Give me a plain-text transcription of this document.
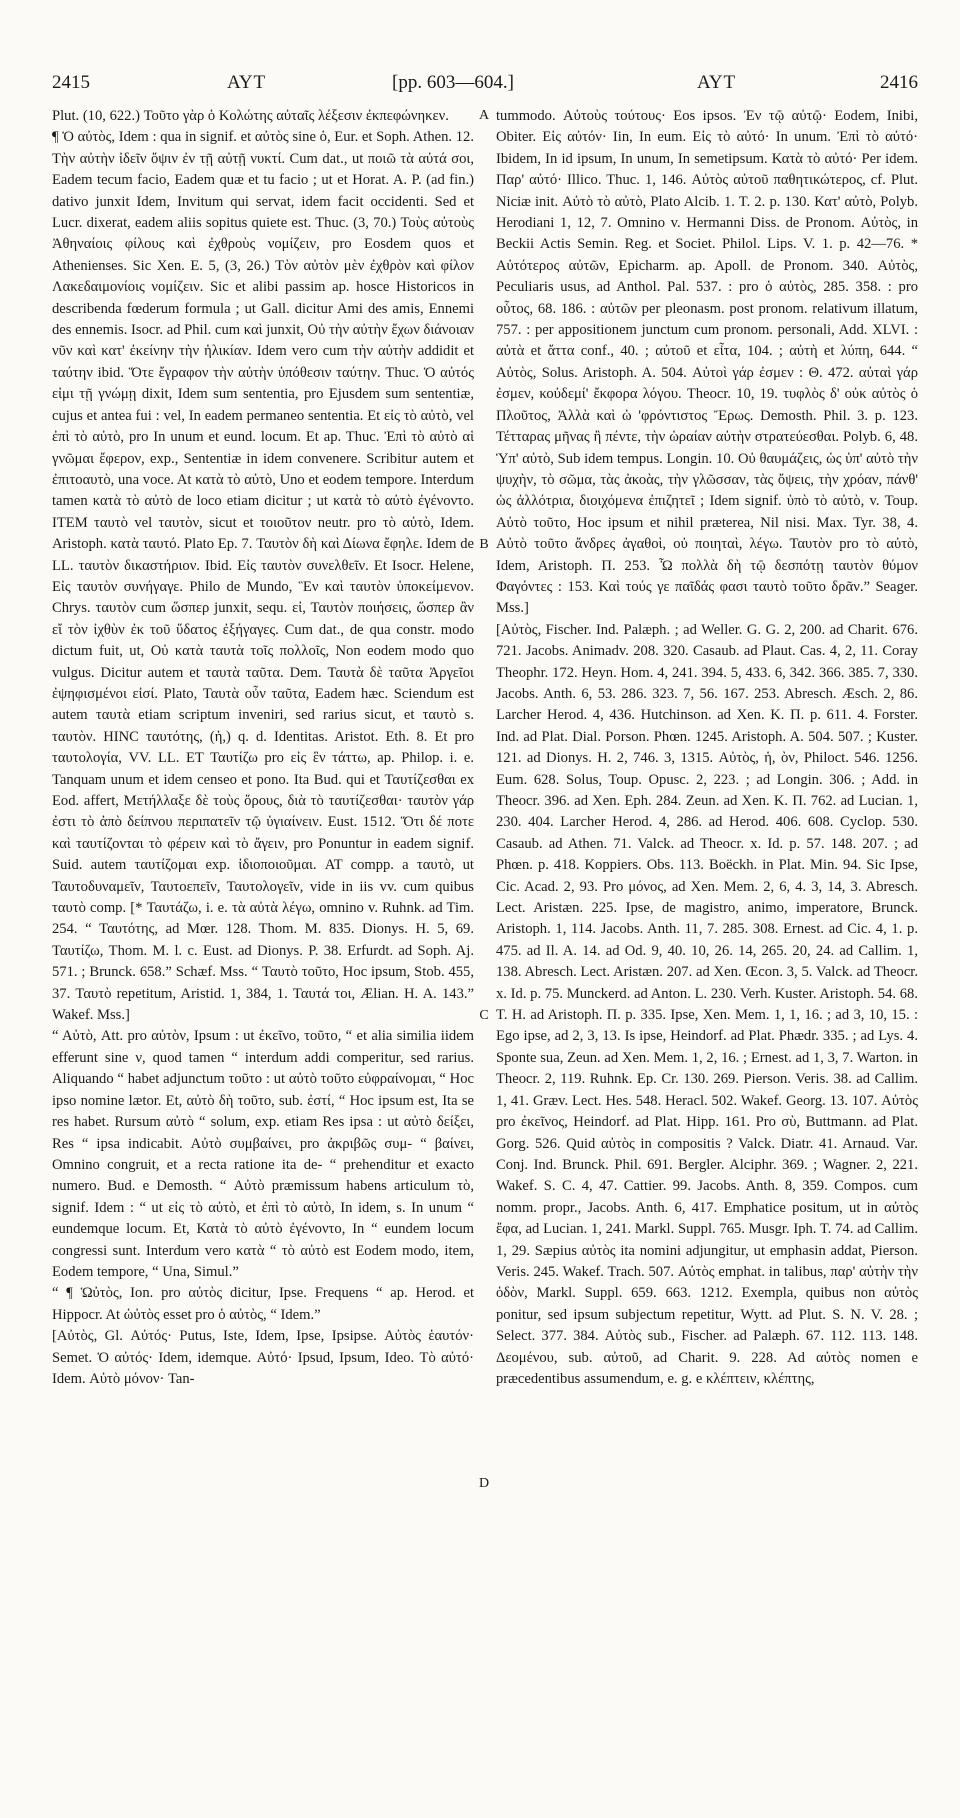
2415	ΑΥΤ	[pp. 603—604.]	ΑΥΤ	2416

Plut. (10, 622.) Τοῦτο γὰρ ὁ Κολώτης αὐταῖς λέξεσιν ἐκπεφώνηκεν.

¶ Ὁ αὐτὸς, Idem : qua in signif. et αὐτὸς sine ὁ, Eur. et Soph. Athen. 12. Τὴν αὐτὴν ἰδεῖν ὄψιν ἐν τῇ αὐτῇ νυκτί. Cum dat., ut ποιῶ τὰ αὐτά σοι, Eadem tecum facio, Eadem quæ et tu facio ; ut et Horat. A. P. (ad fin.) dativo junxit Idem, Invitum qui servat, idem facit occidenti. Sed et Lucr. dixerat, eadem aliis sopitus quiete est. Thuc. (3, 70.) Τοὺς αὐτοὺς Ἀθηναίοις φίλους καὶ ἐχθροὺς νομίζειν, pro Eosdem quos et Athenienses. Sic Xen. E. 5, (3, 26.) Τὸν αὐτὸν μὲν ἐχθρὸν καὶ φίλον Λακεδαιμονίοις νομίζειν. Sic et alibi passim ap. hosce Historicos in describenda fœderum formula ; ut Gall. dicitur Ami des amis, Ennemi des ennemis. Isocr. ad Phil. cum καὶ junxit, Οὐ τὴν αὐτὴν ἔχων διάνοιαν νῦν καὶ κατ' ἐκείνην τὴν ἡλικίαν. Idem vero cum τὴν αὐτὴν addidit et ταύτην ibid. Ὅτε ἔγραφον τὴν αὐτὴν ὑπόθεσιν ταύτην. Thuc. Ὁ αὐτός εἰμι τῇ γνώμῃ dixit, Idem sum sententia, pro Ejusdem sum sententiæ, cujus et antea fui : vel, In eadem permaneo sententia. Et εἰς τὸ αὐτὸ, vel ἐπὶ τὸ αὐτὸ, pro In unum et eund. locum. Et ap. Thuc. Ἐπὶ τὸ αὐτὸ αἱ γνῶμαι ἔφερον, exp., Sententiæ in idem convenere. Scribitur autem et ἐπιτοαυτὸ, una voce. At κατὰ τὸ αὐτὸ, Uno et eodem tempore. Interdum tamen κατὰ τὸ αὐτὸ de loco etiam dicitur ; ut κατὰ τὸ αὐτὸ ἐγένοντο. ITEM ταυτὸ vel ταυτὸν, sicut et τοιοῦτον neutr. pro τὸ αὐτὸ, Idem. Aristoph. κατὰ ταυτό. Plato Ep. 7. Ταυτὸν δὴ καὶ Δίωνα ἔφηλε. Idem de LL. ταυτὸν δικαστήριον. Ibid. Εἰς ταυτὸν συνελθεῖν. Et Isocr. Helene, Εἰς ταυτὸν συνήγαγε. Philo de Mundo, Ἓν καὶ ταυτὸν ὑποκείμενον. Chrys. ταυτὸν cum ὥσπερ junxit, sequ. εἰ, Ταυτὸν ποιήσεις, ὥσπερ ἂν εἴ τὸν ἰχθὺν ἐκ τοῦ ὕδατος ἐξήγαγες. Cum dat., de qua constr. modo dictum fuit, ut, Οὐ κατὰ ταυτὰ τοῖς πολλοῖς, Non eodem modo quo vulgus. Dicitur autem et ταυτὰ ταῦτα. Dem. Ταυτὰ δὲ ταῦτα Ἀργεῖοι ἐψηφισμένοι εἰσί. Plato, Ταυτὰ οὖν ταῦτα, Eadem hæc. Sciendum est autem ταυτὰ etiam scriptum inveniri, sed rarius sicut, et ταυτὸ s. ταυτὸν. HINC ταυτότης, (ἡ,) q. d. Identitas. Aristot. Eth. 8. Et pro ταυτολογία, VV. LL. ET Ταυτίζω pro εἰς ἓν τάττω, ap. Philop. i. e. Tanquam unum et idem censeo et pono. Ita Bud. qui et Ταυτίζεσθαι ex Eod. affert, Μετήλλαξε δὲ τοὺς ὅρους, διὰ τὸ ταυτίζεσθαι· ταυτὸν γάρ ἐστι τὸ ἀπὸ δείπνου περιπατεῖν τῷ ὑγιαίνειν. Eust. 1512. Ὅτι δέ ποτε καὶ ταυτίζονται τὸ φέρειν καὶ τὸ ἄγειν, pro Ponuntur in eadem signif. Suid. autem ταυτίζομαι exp. ἰδιοποιοῦμαι. AT compp. a ταυτὸ, ut Ταυτοδυναμεῖν, Ταυτοεπεῖν, Ταυτολογεῖν, vide in iis vv. cum quibus ταυτὸ comp. [* Ταυτάζω, i. e. τὰ αὐτὰ λέγω, omnino v. Ruhnk. ad Tim. 254. “ Ταυτότης, ad Mœr. 128. Thom. M. 835. Dionys. H. 5, 69. Ταυτίζω, Thom. M. l. c. Eust. ad Dionys. P. 38. Erfurdt. ad Soph. Aj. 571. ; Brunck. 658.” Schæf. Mss. “ Ταυτὸ τοῦτο, Hoc ipsum, Stob. 455, 37. Ταυτὸ repetitum, Aristid. 1, 384, 1. Ταυτά τοι, Ælian. H. A. 143.” Wakef. Mss.]

“ Αὐτὸ, Att. pro αὐτὸν, Ipsum : ut ἐκεῖνο, τοῦτο, “ et alia similia iidem efferunt sine ν, quod tamen “ interdum addi comperitur, sed rarius. Aliquando “ habet adjunctum τοῦτο : ut αὐτὸ τοῦτο εὐφραίνομαι, “ Hoc ipso nomine lætor. Et, αὐτὸ δὴ τοῦτο, sub. ἐστί, “ Hoc ipsum est, Ita se res habet. Rursum αὐτὸ “ solum, exp. etiam Res ipsa : ut αὐτὸ δείξει, Res “ ipsa indicabit. Αὐτὸ συμβαίνει, pro ἀκριβῶς συμ- “ βαίνει, Omnino congruit, et a recta ratione ita de- “ prehenditur et exacto numero. Bud. e Demosth. “ Αὐτὸ præmissum habens articulum τὸ, signif. Idem : “ ut εἰς τὸ αὐτὸ, et ἐπὶ τὸ αὐτὸ, In idem, s. In unum “ eundemque locum. Et, Κατὰ τὸ αὐτὸ ἐγένοντο, In “ eundem locum congressi sunt. Interdum vero κατὰ “ τὸ αὐτὸ est Eodem modo, item, Eodem tempore, “ Una, Simul.”

“ ¶ Ὡὐτὸς, Ion. pro αὐτὸς dicitur, Ipse. Frequens “ ap. Herod. et Hippocr. At ὡὐτὸς esset pro ὁ αὐτὸς, “ Idem.”

[Αὐτὸς, Gl. Αὐτός· Putus, Iste, Idem, Ipse, Ipsipse. Αὐτὸς ἑαυτόν· Semet. Ὁ αὐτός· Idem, idemque. Αὐτό· Ipsud, Ipsum, Ideo. Τὸ αὐτό· Idem. Αὐτὸ μόνον· Tan-

A
B
C
D

tummodo. Αὐτοὺς τούτους· Eos ipsos. Ἐν τῷ αὐτῷ· Eodem, Inibi, Obiter. Εἰς αὐτόν· Iin, In eum. Εἰς τὸ αὐτό· In unum. Ἐπὶ τὸ αὐτό· Ibidem, In id ipsum, In unum, In semetipsum. Κατὰ τὸ αὐτό· Per idem. Παρ' αὐτό· Illico. Thuc. 1, 146. Αὐτὸς αὐτοῦ παθητικώτερος, cf. Plut. Niciæ init. Αὐτὸ τὸ αὐτὸ, Plato Alcib. 1. T. 2. p. 130. Κατ' αὐτὸ, Polyb. Herodiani 1, 12, 7. Omnino v. Hermanni Diss. de Pronom. Αὐτὸς, in Beckii Actis Semin. Reg. et Societ. Philol. Lips. V. 1. p. 42—76. * Αὐτότερος αὐτῶν, Epicharm. ap. Apoll. de Pronom. 340. Αὐτὸς, Peculiaris usus, ad Anthol. Pal. 537. : pro ὁ αὐτὸς, 285. 358. : pro οὗτος, 68. 186. : αὐτῶν per pleonasm. post pronom. relativum illatum, 757. : per appositionem junctum cum pronom. personali, Add. XLVI. : αὐτὰ et ἄττα conf., 40. ; αὐτοῦ et εἶτα, 104. ; αὐτὴ et λύπη, 644. “ Αὐτὸς, Solus. Aristoph. A. 504. Αὐτοὶ γάρ ἐσμεν : Θ. 472. αὐταὶ γάρ ἐσμεν, κοὐδεμί' ἔκφορα λόγου. Theocr. 10, 19. τυφλὸς δ' οὐκ αὐτὸς ὁ Πλοῦτος, Ἀλλὰ καὶ ὡ 'φρόντιστος Ἔρως. Demosth. Phil. 3. p. 123. Τέτταρας μῆνας ἢ πέντε, τὴν ὡραίαν αὐτὴν στρατεύεσθαι. Polyb. 6, 48. Ὑπ' αὐτὸ, Sub idem tempus. Longin. 10. Οὐ θαυμάζεις, ὡς ὑπ' αὐτὸ τὴν ψυχὴν, τὸ σῶμα, τὰς ἀκοὰς, τὴν γλῶσσαν, τὰς ὄψεις, τὴν χρόαν, πάνθ' ὡς ἀλλότρια, διοιχόμενα ἐπιζητεῖ ; Idem signif. ὑπὸ τὸ αὐτὸ, v. Toup. Αὐτὸ τοῦτο, Hoc ipsum et nihil præterea, Nil nisi. Max. Tyr. 38, 4. Αὐτὸ τοῦτο ἄνδρες ἀγαθοὶ, οὐ ποιηταὶ, λέγω. Ταυτὸν pro τὸ αὐτὸ, Idem, Aristoph. Π. 253. Ὦ πολλὰ δὴ τῷ δεσπότῃ ταυτὸν θύμον Φαγόντες : 153. Καὶ τούς γε παῖδάς φασι ταυτὸ τοῦτο δρᾶν.” Seager. Mss.]

[Αὐτὸς, Fischer. Ind. Palæph. ; ad Weller. G. G. 2, 200. ad Charit. 676. 721. Jacobs. Animadv. 208. 320. Casaub. ad Plaut. Cas. 4, 2, 11. Coray Theophr. 172. Heyn. Hom. 4, 241. 394. 5, 433. 6, 342. 366. 385. 7, 330. Jacobs. Anth. 6, 53. 286. 323. 7, 56. 167. 253. Abresch. Æsch. 2, 86. Larcher Herod. 4, 436. Hutchinson. ad Xen. K. Π. p. 611. 4. Forster. Ind. ad Plat. Dial. Porson. Phœn. 1245. Aristoph. A. 504. 507. ; Kuster. 121. ad Dionys. H. 2, 746. 3, 1315. Αὐτὸς, ἡ, ὸν, Philoct. 546. 1256. Eum. 628. Solus, Toup. Opusc. 2, 223. ; ad Longin. 306. ; Add. in Theocr. 396. ad Xen. Eph. 284. Zeun. ad Xen. K. Π. 762. ad Lucian. 1, 230. 404. Larcher Herod. 4, 286. ad Herod. 406. 608. Cyclop. 530. Casaub. ad Athen. 71. Valck. ad Theocr. x. Id. p. 57. 148. 207. ; ad Phœn. p. 418. Koppiers. Obs. 113. Boëckh. in Plat. Min. 94. Sic Ipse, Cic. Acad. 2, 93. Pro μόνος, ad Xen. Mem. 2, 6, 4. 3, 14, 3. Abresch. Lect. Aristæn. 225. Ipse, de magistro, animo, imperatore, Brunck. Aristoph. 1, 114. Jacobs. Anth. 11, 7. 285. 308. Ernest. ad Cic. 4, 1. p. 475. ad Il. A. 14. ad Od. 9, 40. 10, 26. 14, 265. 20, 24. ad Callim. 1, 138. Abresch. Lect. Aristæn. 207. ad Xen. Œcon. 3, 5. Valck. ad Theocr. x. Id. p. 75. Munckerd. ad Anton. L. 230. Verh. Kuster. Aristoph. 54. 68. T. H. ad Aristoph. Π. p. 335. Ipse, Xen. Mem. 1, 1, 16. ; ad 3, 10, 15. : Ego ipse, ad 2, 3, 13. Is ipse, Heindorf. ad Plat. Phædr. 335. ; ad Lys. 4. Sponte sua, Zeun. ad Xen. Mem. 1, 2, 16. ; Ernest. ad 1, 3, 7. Warton. in Theocr. 2, 119. Ruhnk. Ep. Cr. 130. 269. Pierson. Veris. 38. ad Callim. 1, 41. Græv. Lect. Hes. 548. Heracl. 502. Wakef. Georg. 13. 107. Αὐτὸς pro ἐκεῖνος, Heindorf. ad Plat. Hipp. 161. Pro σὺ, Buttmann. ad Plat. Gorg. 526. Quid αὐτὸς in compositis ? Valck. Diatr. 41. Arnaud. Var. Conj. Ind. Brunck. Phil. 691. Bergler. Alciphr. 369. ; Wagner. 2, 221. Wakef. S. C. 4, 47. Cattier. 99. Jacobs. Anth. 8, 359. Compos. cum nomm. propr., Jacobs. Anth. 6, 417. Emphatice positum, ut in αὐτὸς ἔφα, ad Lucian. 1, 241. Markl. Suppl. 765. Musgr. Iph. T. 74. ad Callim. 1, 29. Sæpius αὐτὸς ita nomini adjungitur, ut emphasin addat, Pierson. Veris. 245. Wakef. Trach. 507. Αὐτὸς emphat. in talibus, παρ' αὐτὴν τὴν ὁδὸν, Markl. Suppl. 659. 663. 1212. Exempla, quibus non αὐτὸς ponitur, sed ipsum subjectum repetitur, Wytt. ad Plut. S. N. V. 28. ; Select. 377. 384. Αὐτὸς sub., Fischer. ad Palæph. 67. 112. 113. 148. Δεομένου, sub. αὐτοῦ, ad Charit. 9. 228. Ad αὐτὸς nomen e præcedentibus assumendum, e. g. e κλέπτειν, κλέπτης,
